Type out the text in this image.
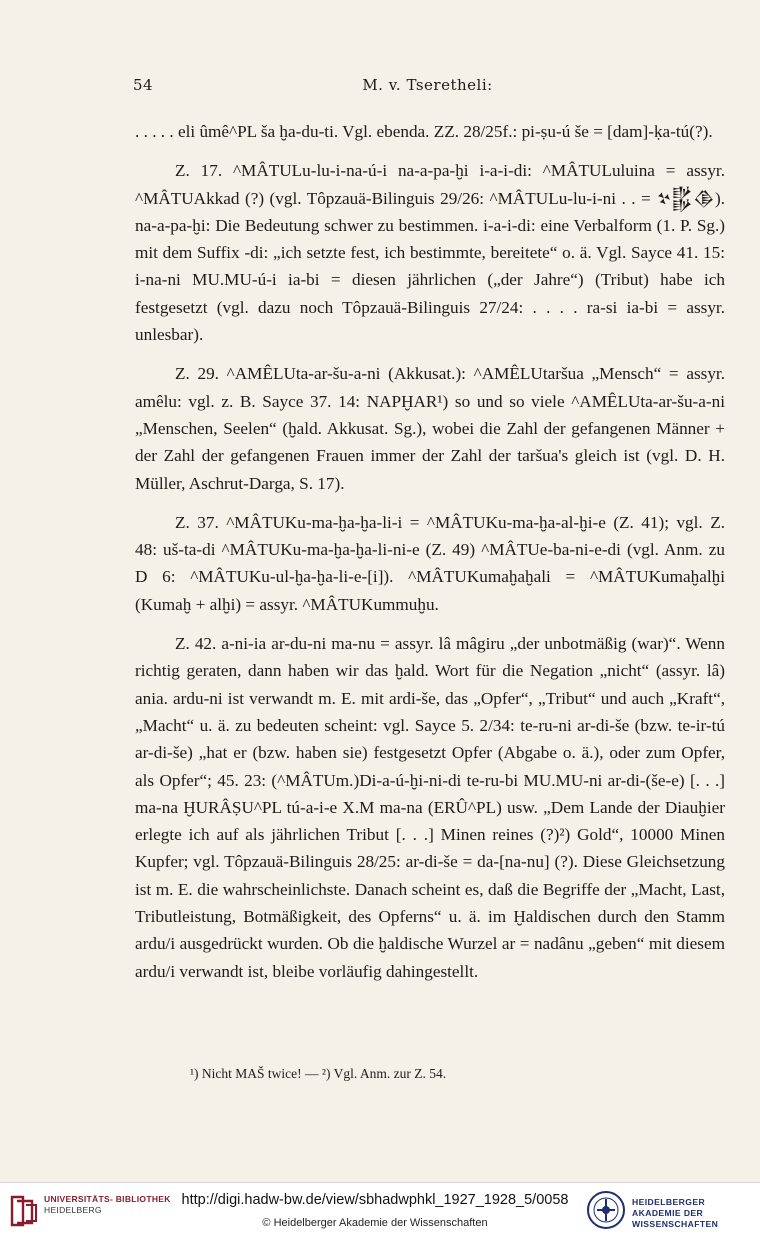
54	M. v. Tseretheli:

. . . . . eli ûmê^PL ša ḫa-du-ti. Vgl. ebenda. ZZ. 28/25f.: pi-ṣu-ú še = [dam]-ḳa-tú(?).

Z. 17. ^MÂTULu-lu-i-na-ú-i na-a-pa-ḫi i-a-i-di: ^MÂTULuluina = assyr. ^MÂTUAkkad (?) (vgl. Tôpzauä-Bilinguis 29/26: ^MÂTULu-lu-i-ni . . = 𒆳𒌵𒆠). na-a-pa-ḫi: Die Bedeutung schwer zu bestimmen. i-a-i-di: eine Verbalform (1. P. Sg.) mit dem Suffix -di: „ich setzte fest, ich bestimmte, bereitete“ o. ä. Vgl. Sayce 41. 15: i-na-ni MU.MU-ú-i ia-bi = diesen jährlichen („der Jahre“) (Tribut) habe ich festgesetzt (vgl. dazu noch Tôpzauä-Bilinguis 27/24: . . . . ra-si ia-bi = assyr. unlesbar).

Z. 29. ^AMÊLUta-ar-šu-a-ni (Akkusat.): ^AMÊLUtaršua „Mensch“ = assyr. amêlu: vgl. z. B. Sayce 37. 14: NAPḪAR¹) so und so viele ^AMÊLUta-ar-šu-a-ni „Menschen, Seelen“ (ḫald. Akkusat. Sg.), wobei die Zahl der gefangenen Männer + der Zahl der gefangenen Frauen immer der Zahl der taršua's gleich ist (vgl. D. H. Müller, Aschrut-Darga, S. 17).

Z. 37. ^MÂTUKu-ma-ḫa-ḫa-li-i = ^MÂTUKu-ma-ḫa-al-ḫi-e (Z. 41); vgl. Z. 48: uš-ta-di ^MÂTUKu-ma-ḫa-ḫa-li-ni-e (Z. 49) ^MÂTUe-ba-ni-e-di (vgl. Anm. zu D 6: ^MÂTUKu-ul-ḫa-ḫa-li-e-[i]). ^MÂTUKumaḫaḫali = ^MÂTUKumaḫalḫi (Kumaḫ + alḫi) = assyr. ^MÂTUKummuḫu.

Z. 42. a-ni-ia ar-du-ni ma-nu = assyr. lâ mâgiru „der unbotmäßig (war)“. Wenn richtig geraten, dann haben wir das ḫald. Wort für die Negation „nicht“ (assyr. lâ) ania. ardu-ni ist verwandt m. E. mit ardi-še, das „Opfer“, „Tribut“ und auch „Kraft“, „Macht“ u. ä. zu bedeuten scheint: vgl. Sayce 5. 2/34: te-ru-ni ar-di-še (bzw. te-ir-tú ar-di-še) „hat er (bzw. haben sie) festgesetzt Opfer (Abgabe o. ä.), oder zum Opfer, als Opfer“; 45. 23: (^MÂTUm.)Di-a-ú-ḫi-ni-di te-ru-bi MU.MU-ni ar-di-(še-e) [. . .] ma-na ḪURÂṢU^PL tú-a-i-e X.M ma-na (ERÛ^PL) usw. „Dem Lande der Diauḫier erlegte ich auf als jährlichen Tribut [. . .] Minen reines (?)²) Gold“, 10000 Minen Kupfer; vgl. Tôpzauä-Bilinguis 28/25: ar-di-še = da-[na-nu] (?). Diese Gleichsetzung ist m. E. die wahrscheinlichste. Danach scheint es, daß die Begriffe der „Macht, Last, Tributleistung, Botmäßigkeit, des Opferns“ u. ä. im Ḫaldischen durch den Stamm ardu/i ausgedrückt wurden. Ob die ḫaldische Wurzel ar = nadânu „geben“ mit diesem ardu/i verwandt ist, bleibe vorläufig dahingestellt.

¹) Nicht MAŠ twice! — ²) Vgl. Anm. zur Z. 54.
UNIVERSITÄTS- BIBLIOTHEK
HEIDELBERG
http://digi.hadw-bw.de/view/sbhadwphkl_1927_1928_5/0058
© Heidelberger Akademie der Wissenschaften
HEIDELBERGER AKADEMIE DER WISSENSCHAFTEN
